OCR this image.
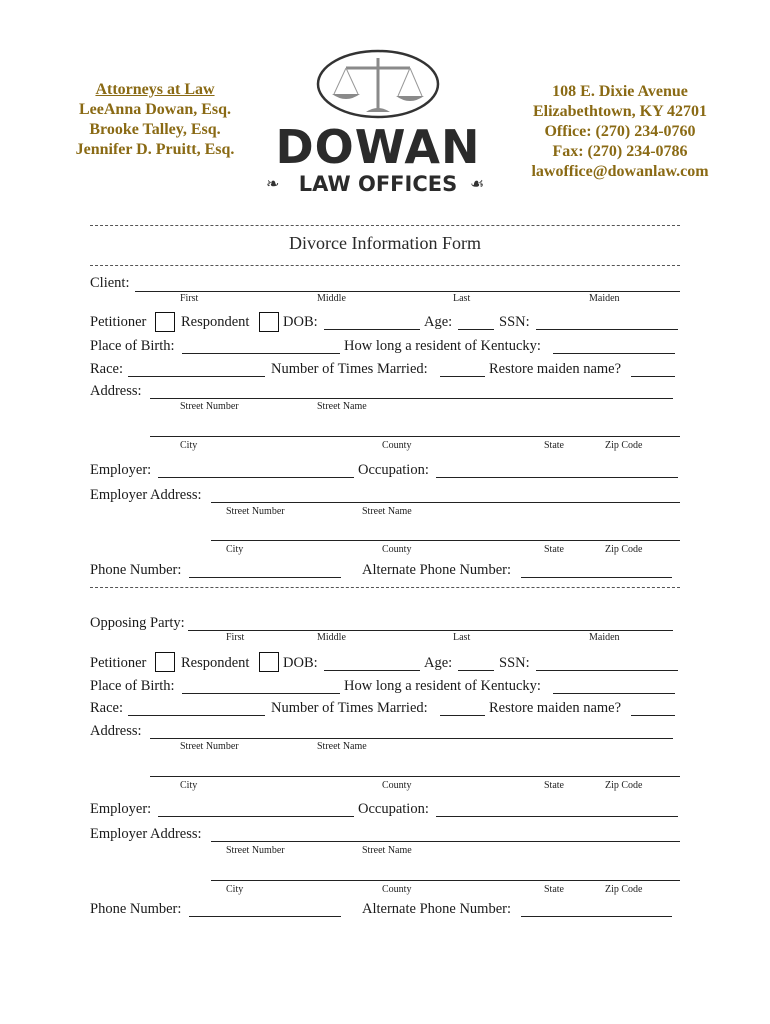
Attorneys at Law
LeeAnna Dowan, Esq.
Brooke Talley, Esq.
Jennifer D. Pruitt, Esq. DOWAN
❧ LAW OFFICES ☙
108 E. Dixie Avenue
Elizabethtown, KY 42701
Office: (270) 234-0760
Fax: (270) 234-0786
lawoffice@dowanlaw.com
Divorce Information Form
Client:
First	Middle	Last	Maiden
Petitioner Respondent DOB:	Age:	SSN:
Place of Birth:	How long a resident of Kentucky:
Race:	Number of Times Married:	Restore maiden name?
Address:
Street Number	Street Name
City	County	State	Zip Code
Employer:	Occupation:
Employer Address:
Street Number	Street Name
City	County	State	Zip Code
Phone Number:	Alternate Phone Number:
Opposing Party:
First	Middle	Last	Maiden
Petitioner Respondent DOB:	Age:	SSN:
Place of Birth:	How long a resident of Kentucky:
Race:	Number of Times Married:	Restore maiden name?
Address:
Street Number	Street Name
City	County	State	Zip Code
Employer:	Occupation:
Employer Address:
Street Number	Street Name
City	County	State	Zip Code
Phone Number:	Alternate Phone Number:
